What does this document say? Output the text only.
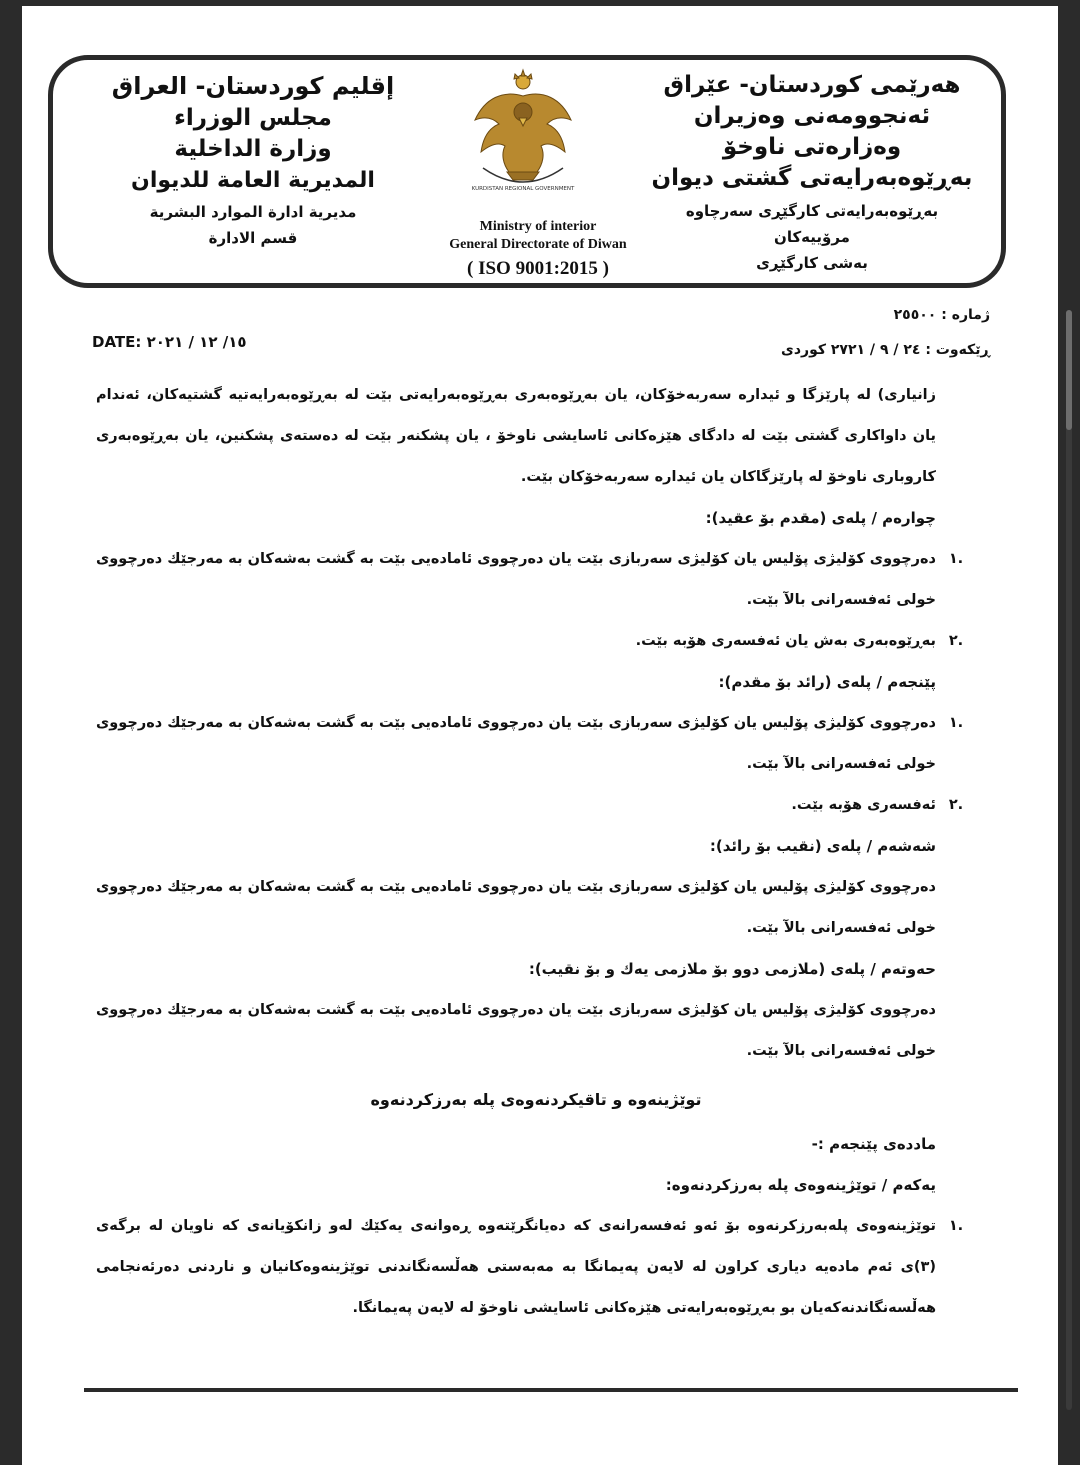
هەرێمی کوردستان- عێراق
ئەنجوومەنی وەزیران
وەزارەتی ناوخۆ
بەڕێوەبەرایەتی گشتی دیوان
بەڕێوەبەرایەتی کارگێڕی سەرچاوە مرۆییەکان
بەشی کارگێڕی
KURDISTAN REGIONAL GOVERNMENT
Ministry of interior
General Directorate of Diwan
( ISO 9001:2015 )
إقليم كوردستان- العراق
مجلس الوزراء
وزارة الداخلية
المديرية العامة للديوان
مديرية ادارة الموارد البشرية
قسم الادارة
ژمارە : ٢٥٥٠٠
ڕێکەوت : ٢٤ / ٩ / ٢٧٢١ کوردی
DATE: ١٥/ ١٢ / ٢٠٢١
زانیاری) لە پارێزگا و ئیدارە سەربەخۆکان، یان بەڕێوەبەری بەڕێوەبەرایەتی بێت لە بەڕێوەبەرایەتیە گشتیەکان، ئەندام یان داواکاری گشتی بێت لە دادگای هێزەکانی ئاسایشی ناوخۆ ، یان پشکنەر بێت لە دەستەی پشکنین، یان بەڕێوەبەری کاروباری ناوخۆ لە پارێزگاکان یان ئیدارە سەربەخۆکان بێت.
چوارەم / پلەی (مقدم بۆ عقید):
.١
دەرچووی کۆلیژی پۆلیس یان کۆلیژی سەربازی بێت یان دەرچووی ئامادەیی بێت بە گشت بەشەکان بە مەرجێك دەرچووی خولی ئەفسەرانی بالآ بێت.
.٢
بەڕێوەبەری بەش یان ئەفسەری هۆبە بێت.
پێنجەم / پلەی (رائد بۆ مقدم):
.١
دەرچووی کۆلیژی پۆلیس یان کۆلیژی سەربازی بێت یان دەرچووی ئامادەیی بێت بە گشت بەشەکان بە مەرجێك دەرچووی خولی ئەفسەرانی بالآ بێت.
.٢
ئەفسەری هۆبە بێت.
شەشەم / پلەی (نقیب بۆ رائد):
دەرچووی کۆلیژی پۆلیس یان کۆلیژی سەربازی بێت یان دەرچووی ئامادەیی بێت بە گشت بەشەکان بە مەرجێك دەرچووی خولی ئەفسەرانی بالآ بێت.
حەوتەم / پلەی (ملازمی دوو بۆ ملازمی یەك و بۆ نقیب):
دەرچووی کۆلیژی پۆلیس یان کۆلیژی سەربازی بێت یان دەرچووی ئامادەیی بێت بە گشت بەشەکان بە مەرجێك دەرچووی خولی ئەفسەرانی بالآ بێت.
توێژینەوە و تاقیکردنەوەی پلە بەرزکردنەوە
ماددەی پێنجەم :-
یەکەم / توێژینەوەی پلە بەرزکردنەوە:
.١
توێژینەوەی پلەبەرزکرنەوە بۆ ئەو ئەفسەرانەی کە دەیانگرێتەوە ڕەوانەی یەکێك لەو زانکۆیانەی کە ناویان لە برگەی (٣)ی ئەم مادەیە دیاری کراون لە لایەن پەیمانگا بە مەبەستی هەڵسەنگاندنی توێژینەوەکانیان و ناردنی دەرئەنجامی هەڵسەنگاندنەکەیان بو بەڕێوەبەرایەتی هێزەکانی ئاسایشی ناوخۆ لە لایەن پەیمانگا.
